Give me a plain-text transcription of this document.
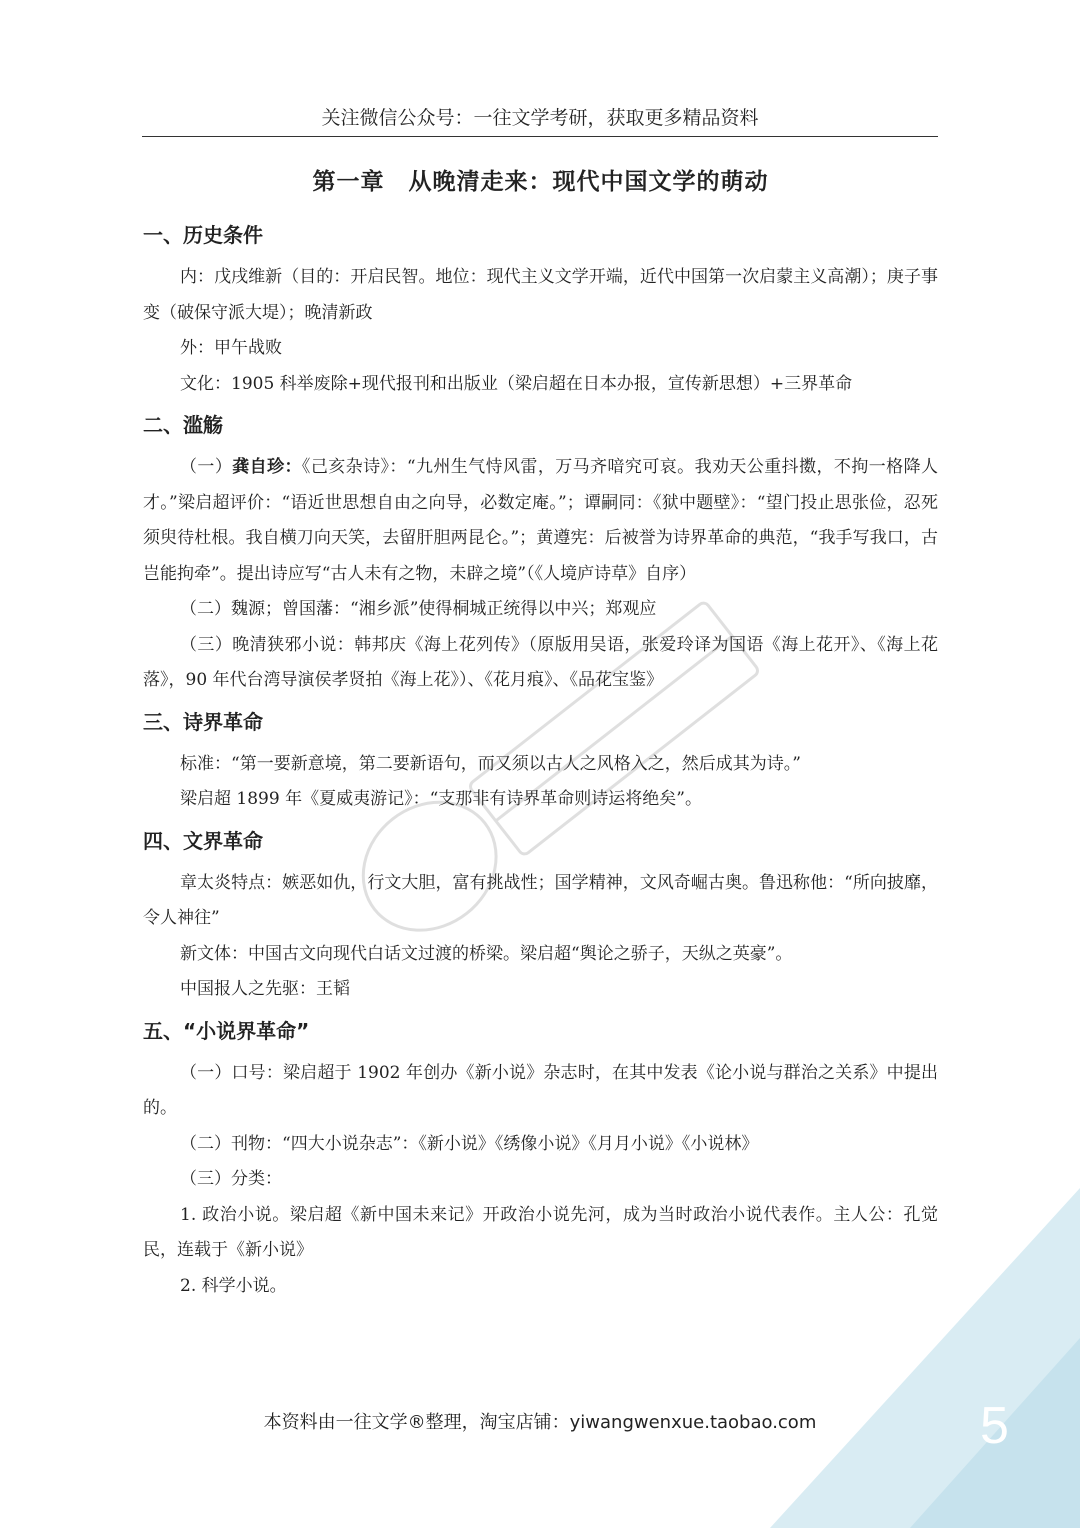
关注微信公众号：一往文学考研，获取更多精品资料
第一章 从晚清走来：现代中国文学的萌动
一、历史条件

内：戊戌维新（目的：开启民智。地位：现代主义文学开端，近代中国第一次启蒙主义高潮）；庚子事变（破保守派大堤）；晚清新政

外：甲午战败

文化：1905 科举废除+现代报刊和出版业（梁启超在日本办报，宣传新思想）+三界革命

二、滥觞

（一）龚自珍：《己亥杂诗》：“九州生气恃风雷，万马齐喑究可哀。我劝天公重抖擞，不拘一格降人才。”梁启超评价：“语近世思想自由之向导，必数定庵。”；谭嗣同：《狱中题壁》：“望门投止思张俭，忍死须臾待杜根。我自横刀向天笑，去留肝胆两昆仑。”；黄遵宪：后被誉为诗界革命的典范，“我手写我口，古岂能拘牵”。提出诗应写“古人未有之物，未辟之境”（《人境庐诗草》自序）

（二）魏源；曾国藩：“湘乡派”使得桐城正统得以中兴；郑观应

（三）晚清狭邪小说：韩邦庆《海上花列传》（原版用吴语，张爱玲译为国语《海上花开》、《海上花落》，90 年代台湾导演侯孝贤拍《海上花》）、《花月痕》、《品花宝鉴》

三、诗界革命

标准：“第一要新意境，第二要新语句，而又须以古人之风格入之，然后成其为诗。”

梁启超 1899 年《夏威夷游记》：“支那非有诗界革命则诗运将绝矣”。

四、文界革命

章太炎特点：嫉恶如仇，行文大胆，富有挑战性；国学精神，文风奇崛古奥。鲁迅称他：“所向披靡，令人神往”

新文体：中国古文向现代白话文过渡的桥梁。梁启超“舆论之骄子，天纵之英豪”。

中国报人之先驱：王韬

五、“小说界革命”

（一）口号：梁启超于 1902 年创办《新小说》杂志时，在其中发表《论小说与群治之关系》中提出的。

（二）刊物：“四大小说杂志”：《新小说》《绣像小说》《月月小说》《小说林》

（三）分类：

1. 政治小说。梁启超《新中国未来记》开政治小说先河，成为当时政治小说代表作。主人公：孔觉民，连载于《新小说》

2. 科学小说。

本资料由一往文学®整理，淘宝店铺：yiwangwenxue.taobao.com	5
